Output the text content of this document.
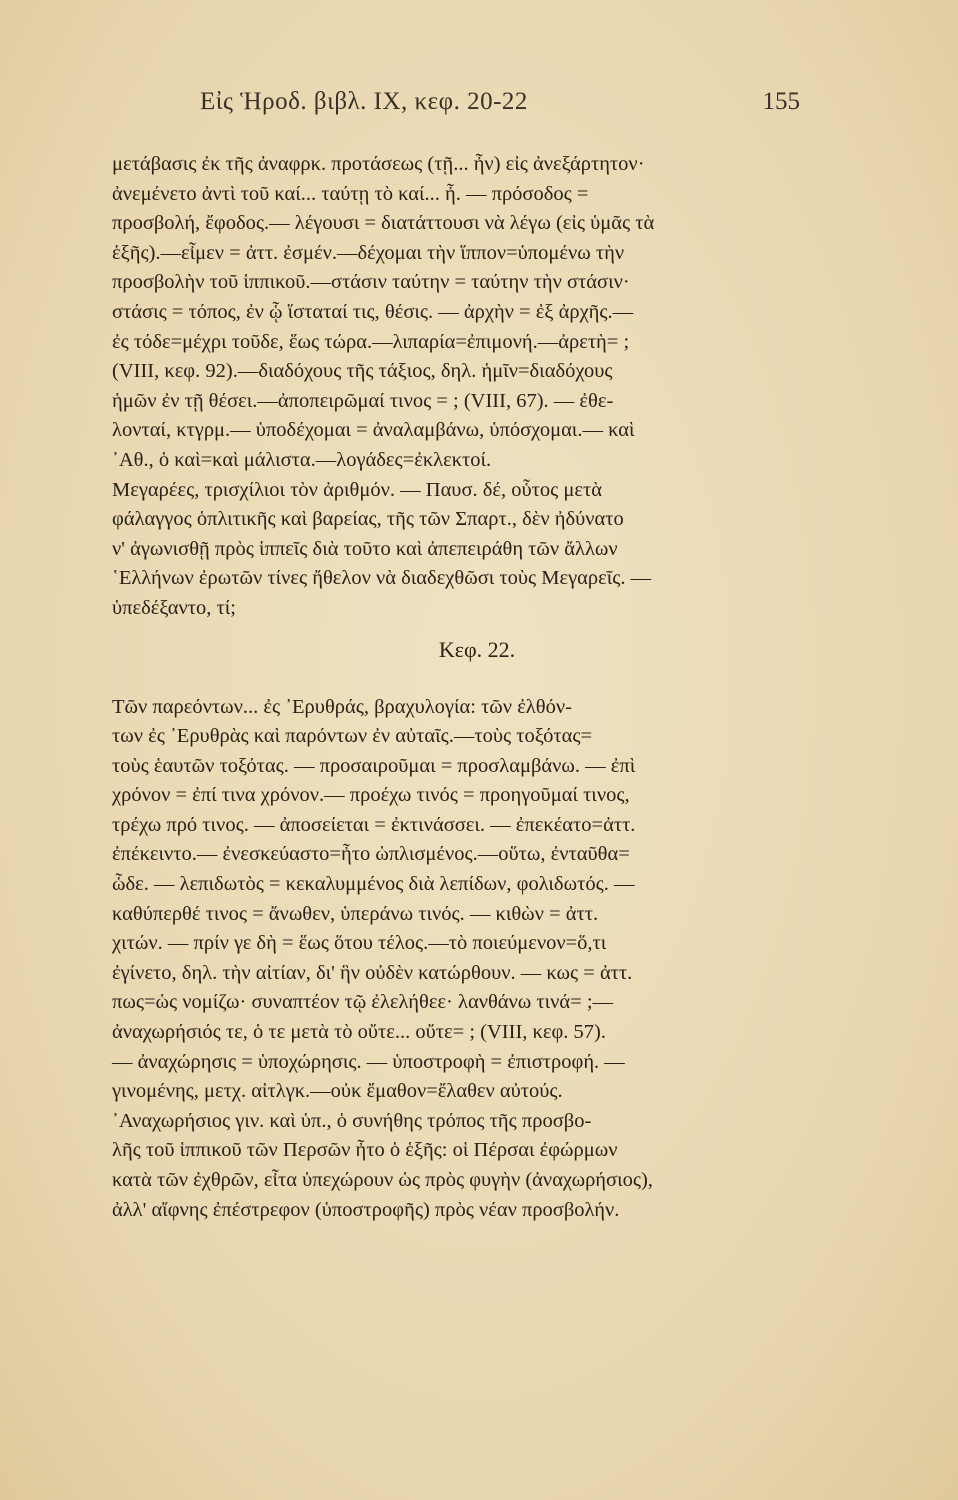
Εἰς Ἡροδ. βιβλ. IX, κεφ. 20-22	155
μετάβασις ἐκ τῆς ἀναφρκ. προτάσεως (τῇ... ἦν) εἰς ἀνεξάρτητον·
ἀνεμένετο ἀντὶ τοῦ καί... ταύτῃ τὸ καί... ἦ. — πρόσοδος =
προσβολή, ἔφοδος.— λέγουσι = διατάττουσι νὰ λέγω (εἰς ὑμᾶς τὰ
ἑξῆς).—εἶμεν = ἀττ. ἐσμέν.—δέχομαι τὴν ἵππον=ὑπομένω τὴν
προσβολὴν τοῦ ἱππικοῦ.—στάσιν ταύτην = ταύτην τὴν στάσιν·
στάσις = τόπος, ἐν ᾧ ἵσταταί τις, θέσις. — ἀρχὴν = ἐξ ἀρχῆς.—
ἐς τόδε=μέχρι τοῦδε, ἕως τώρα.—λιπαρία=ἐπιμονή.—ἀρετὴ= ;
(VIII, κεφ. 92).—διαδόχους τῆς τάξιος, δηλ. ἡμῖν=διαδόχους
ἡμῶν ἐν τῇ θέσει.—ἀποπειρῶμαί τινος = ; (VIII, 67). — ἐθε-
λονταί, κτγρμ.— ὑποδέχομαι = ἀναλαμβάνω, ὑπόσχομαι.— καὶ
᾿Αθ., ὁ καὶ=καὶ μάλιστα.—λογάδες=ἐκλεκτοί.
Μεγαρέες, τρισχίλιοι τὸν ἀριθμόν. — Παυσ. δέ, οὗτος μετὰ
φάλαγγος ὁπλιτικῆς καὶ βαρείας, τῆς τῶν Σπαρτ., δὲν ἠδύνατο
ν' ἀγωνισθῇ πρὸς ἱππεῖς διὰ τοῦτο καὶ ἀπεπειράθη τῶν ἄλλων
῾Ελλήνων ἐρωτῶν τίνες ἤθελον νὰ διαδεχθῶσι τοὺς Μεγαρεῖς. —
ὑπεδέξαντο, τί;
Κεφ. 22.
Τῶν παρεόντων... ἐς ᾿Ερυθράς, βραχυλογία: τῶν ἐλθόν-
των ἐς ᾿Ερυθρὰς καὶ παρόντων ἐν αὐταῖς.—τοὺς τοξότας=
τοὺς ἑαυτῶν τοξότας. — προσαιροῦμαι = προσλαμβάνω. — ἐπὶ
χρόνον = ἐπί τινα χρόνον.— προέχω τινός = προηγοῦμαί τινος,
τρέχω πρό τινος. — ἀποσείεται = ἐκτινάσσει. — ἐπεκέατο=ἀττ.
ἐπέκειντο.— ἐνεσκεύαστο=ἦτο ὡπλισμένος.—οὕτω, ἐνταῦθα=
ὧδε. — λεπιδωτὸς = κεκαλυμμένος διὰ λεπίδων, φολιδωτός. —
καθύπερθέ τινος = ἄνωθεν, ὑπεράνω τινός. — κιθὼν = ἀττ.
χιτών. — πρίν γε δὴ = ἕως ὅτου τέλος.—τὸ ποιεύμενον=ὅ,τι
ἐγίνετο, δηλ. τὴν αἰτίαν, δι' ἣν οὐδὲν κατώρθουν. — κως = ἀττ.
πως=ὡς νομίζω· συναπτέον τῷ ἐλελήθεε· λανθάνω τινά= ;—
ἀναχωρήσιός τε, ὁ τε μετὰ τὸ οὔτε... οὔτε= ; (VIII, κεφ. 57).
— ἀναχώρησις = ὑποχώρησις. — ὑποστροφὴ = ἐπιστροφή. —
γινομένης, μετχ. αἰτλγκ.—οὐκ ἔμαθον=ἔλαθεν αὐτούς.
᾿Αναχωρήσιος γιν. καὶ ὑπ., ὁ συνήθης τρόπος τῆς προσβο-
λῆς τοῦ ἱππικοῦ τῶν Περσῶν ἦτο ὁ ἑξῆς: οἱ Πέρσαι ἐφώρμων
κατὰ τῶν ἐχθρῶν, εἶτα ὑπεχώρουν ὡς πρὸς φυγὴν (ἀναχωρήσιος),
ἀλλ' αἴφνης ἐπέστρεφον (ὑποστροφῆς) πρὸς νέαν προσβολήν.
